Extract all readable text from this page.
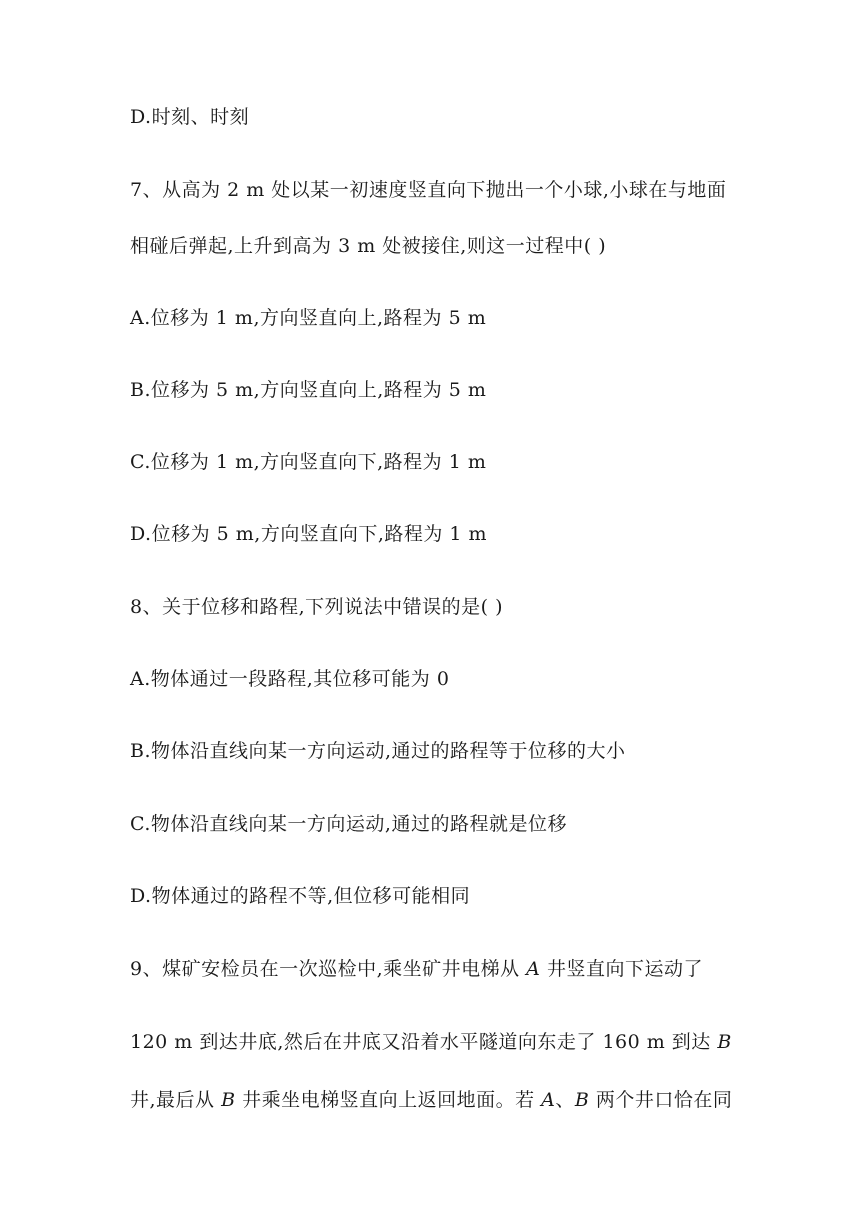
D.时刻、时刻
7、从高为 2 m 处以某一初速度竖直向下抛出一个小球,小球在与地面
相碰后弹起,上升到高为 3 m 处被接住,则这一过程中( )
A.位移为 1 m,方向竖直向上,路程为 5 m
B.位移为 5 m,方向竖直向上,路程为 5 m
C.位移为 1 m,方向竖直向下,路程为 1 m
D.位移为 5 m,方向竖直向下,路程为 1 m
8、关于位移和路程,下列说法中错误的是( )
A.物体通过一段路程,其位移可能为 0
B.物体沿直线向某一方向运动,通过的路程等于位移的大小
C.物体沿直线向某一方向运动,通过的路程就是位移
D.物体通过的路程不等,但位移可能相同
9、煤矿安检员在一次巡检中,乘坐矿井电梯从 A 井竖直向下运动了
120 m 到达井底,然后在井底又沿着水平隧道向东走了 160 m 到达 B
井,最后从 B 井乘坐电梯竖直向上返回地面。若 A、B 两个井口恰在同
